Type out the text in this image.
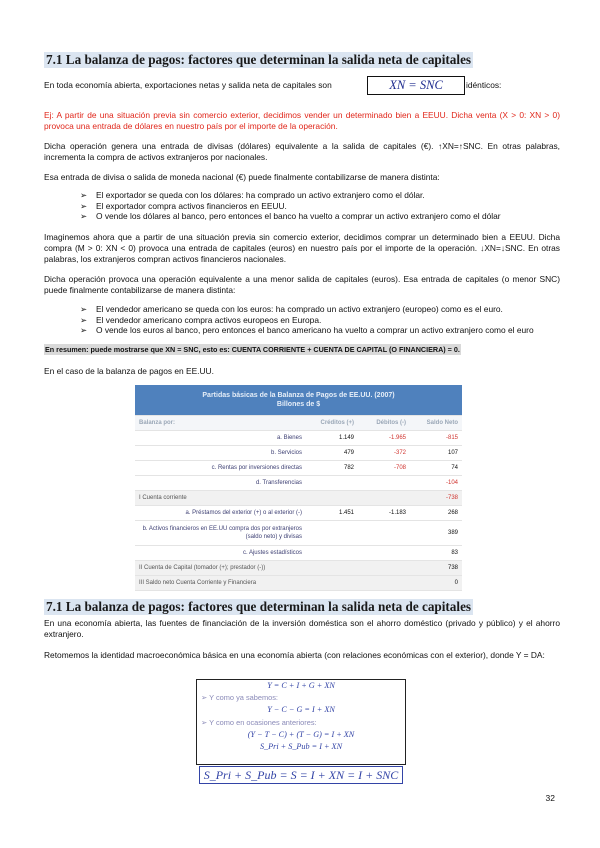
7.1 La balanza de pagos: factores que determinan la salida neta de capitales
En toda economía abierta, exportaciones netas y salida neta de capitales son	XN = SNC	idénticos:
Ej: A partir de una situación previa sin comercio exterior, decidimos vender un determinado bien a EEUU. Dicha venta (X > 0: XN > 0) provoca una entrada de dólares en nuestro país por el importe de la operación.
Dicha operación genera una entrada de divisas (dólares) equivalente a la salida de capitales (€). ↑XN=↑SNC. En otras palabras, incrementa la compra de activos extranjeros por nacionales.
Esa entrada de divisa o salida de moneda nacional (€) puede finalmente contabilizarse de manera distinta:
➢ El exportador se queda con los dólares: ha comprado un activo extranjero como el dólar.
➢ El exportador compra activos financieros en EEUU.
➢ O vende los dólares al banco, pero entonces el banco ha vuelto a comprar un activo extranjero como el dólar
Imaginemos ahora que a partir de una situación previa sin comercio exterior, decidimos comprar un determinado bien a EEUU. Dicha compra (M > 0: XN < 0) provoca una entrada de capitales (euros) en nuestro país por el importe de la operación. ↓XN=↓SNC. En otras palabras, los extranjeros compran activos financieros nacionales.
Dicha operación provoca una operación equivalente a una menor salida de capitales (euros). Esa entrada de capitales (o menor SNC) puede finalmente contabilizarse de manera distinta:
➢ El vendedor americano se queda con los euros: ha comprado un activo extranjero (europeo) como es el euro.
➢ El vendedor americano compra activos europeos en Europa.
➢ O vende los euros al banco, pero entonces el banco americano ha vuelto a comprar un activo extranjero como el euro
En resumen: puede mostrarse que XN = SNC, esto es: CUENTA CORRIENTE + CUENTA DE CAPITAL (O FINANCIERA) = 0.
En el caso de la balanza de pagos en EE.UU.
Partidas básicas de la Balanza de Pagos de EE.UU. (2007)
Billones de $			

Balanza por:	Créditos (+)	Débitos (-)	Saldo Neto
a. Bienes	1.149	-1.965	-815
b. Servicios	479	-372	107
c. Rentas por inversiones directas	782	-708	74
d. Transferencias			-104
I Cuenta corriente			-738
a. Préstamos del exterior (+) o al exterior (-)	1.451	-1.183	268
b. Activos financieros en EE.UU compra dos por extranjeros (saldo neto) y divisas			389
c. Ajustes estadísticos			83
II Cuenta de Capital (tomador (+); prestador (-))			738
III Saldo neto Cuenta Corriente y Financiera			0
7.1 La balanza de pagos: factores que determinan la salida neta de capitales
En una economía abierta, las fuentes de financiación de la inversión doméstica son el ahorro doméstico (privado y público) y el ahorro extranjero.
Retomemos la identidad macroeconómica básica en una economía abierta (con relaciones económicas con el exterior), donde Y = DA:
Y = C + I + G + XN
➢ Y como ya sabemos:
Y − C − G = I + XN
➢ Y como en ocasiones anteriores:
(Y − T − C) + (T − G) = I + XN
S_Pri + S_Pub = I + XN
S_Pri + S_Pub = S = I + XN = I + SNC
32
